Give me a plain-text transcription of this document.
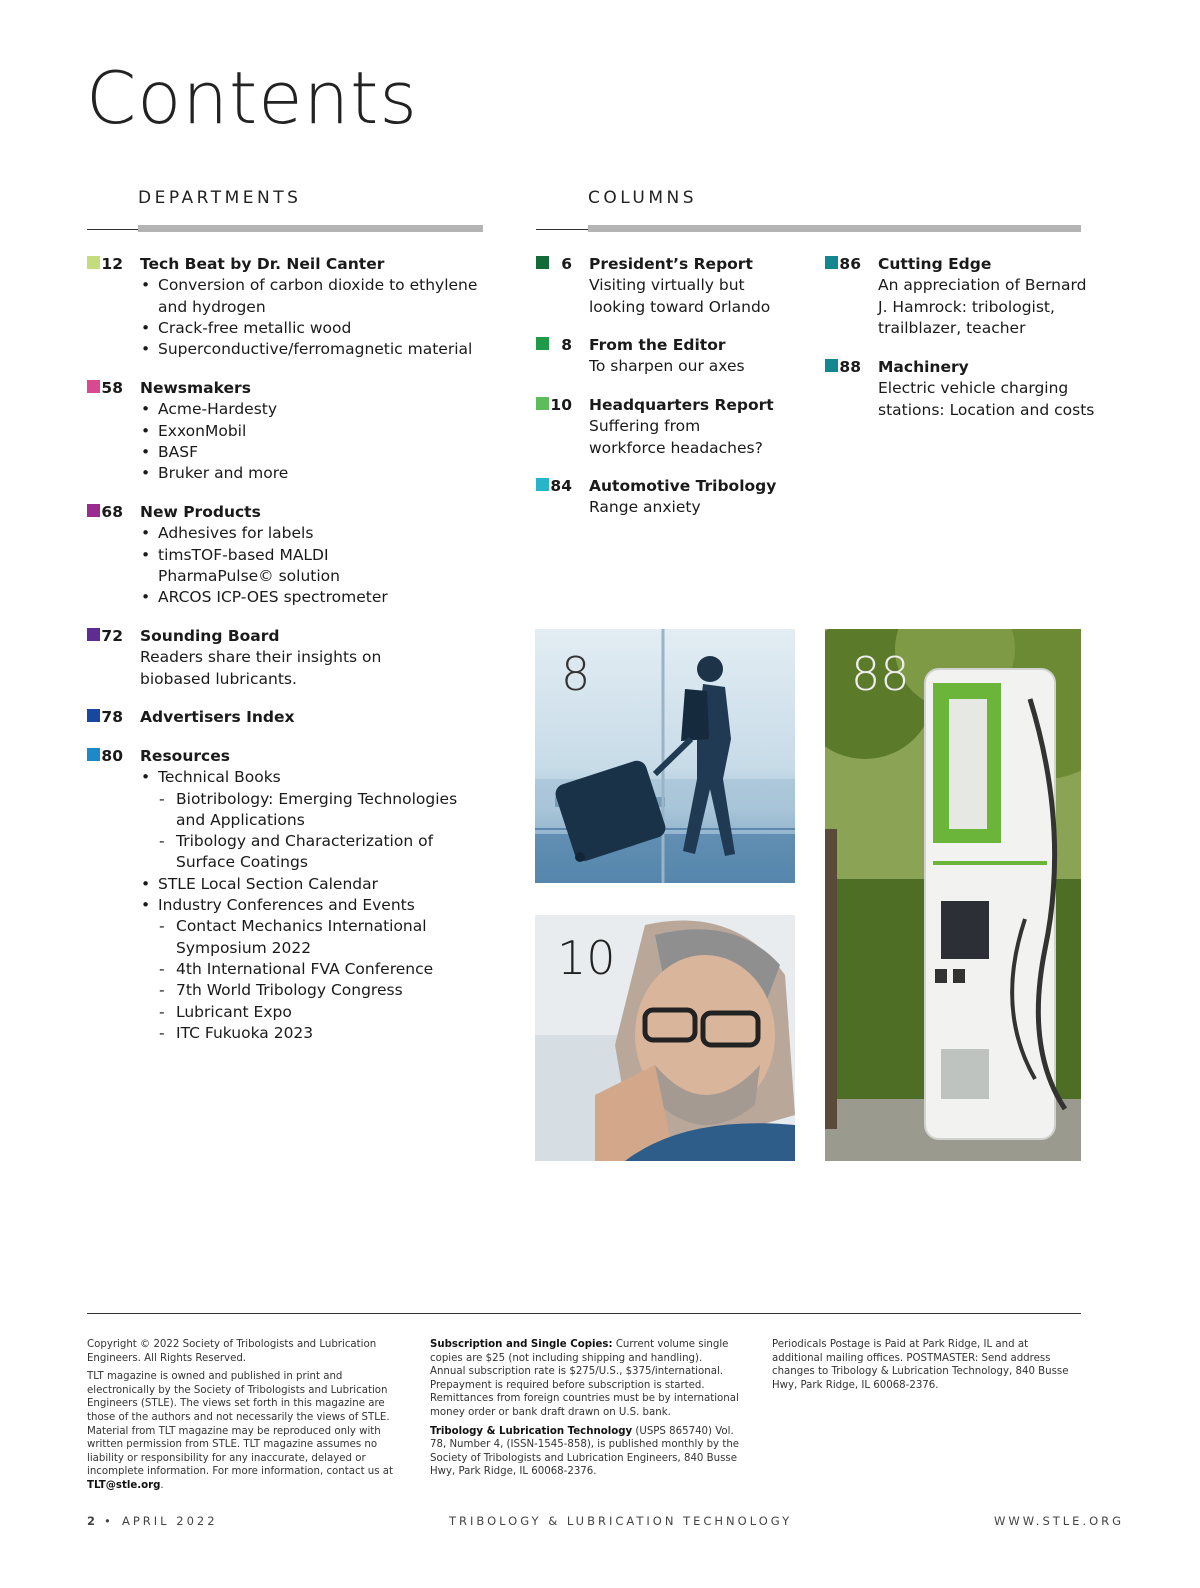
Contents
DEPARTMENTS	COLUMNS
12 Tech Beat by Dr. Neil Canter
• Conversion of carbon dioxide to ethylene
and hydrogen
• Crack-free metallic wood
• Superconductive/ferromagnetic material
58 Newsmakers
• Acme-Hardesty
• ExxonMobil
• BASF
• Bruker and more
68 New Products
• Adhesives for labels
• timsTOF-based MALDI
PharmaPulse© solution
• ARCOS ICP-OES spectrometer
72 Sounding Board
Readers share their insights on
biobased lubricants.
78 Advertisers Index
80 Resources
• Technical Books
- Biotribology: Emerging Technologies
and Applications
- Tribology and Characterization of
Surface Coatings
• STLE Local Section Calendar
• Industry Conferences and Events
- Contact Mechanics International
Symposium 2022
- 4th International FVA Conference
- 7th World Tribology Congress
- Lubricant Expo
- ITC Fukuoka 2023
6 President’s Report
Visiting virtually but
looking toward Orlando
8 From the Editor
To sharpen our axes
10 Headquarters Report
Suffering from
workforce headaches?
84 Automotive Tribology
Range anxiety
86 Cutting Edge
An appreciation of Bernard
J. Hamrock: tribologist,
trailblazer, teacher
88 Machinery
Electric vehicle charging
stations: Location and costs
8
10
88

Copyright © 2022 Society of Tribologists and Lubrication Engineers. All Rights Reserved.

TLT magazine is owned and published in print and electronically by the Society of Tribologists and Lubrication Engineers (STLE). The views set forth in this magazine are those of the authors and not necessarily the views of STLE. Material from TLT magazine may be reproduced only with written permission from STLE. TLT magazine assumes no liability or responsibility for any inaccurate, delayed or incomplete information. For more information, contact us at TLT@stle.org.

Subscription and Single Copies: Current volume single copies are $25 (not including shipping and handling). Annual subscription rate is $275/U.S., $375/international. Prepayment is required before subscription is started. Remittances from foreign countries must be by international money order or bank draft drawn on U.S. bank.

Tribology & Lubrication Technology (USPS 865740) Vol. 78, Number 4, (ISSN-1545-858), is published monthly by the Society of Tribologists and Lubrication Engineers, 840 Busse Hwy, Park Ridge, IL 60068-2376.

Periodicals Postage is Paid at Park Ridge, IL and at additional mailing offices. POSTMASTER: Send address changes to Tribology & Lubrication Technology, 840 Busse Hwy, Park Ridge, IL 60068-2376.

2 • APRIL 2022	TRIBOLOGY & LUBRICATION TECHNOLOGY	WWW.STLE.ORG
